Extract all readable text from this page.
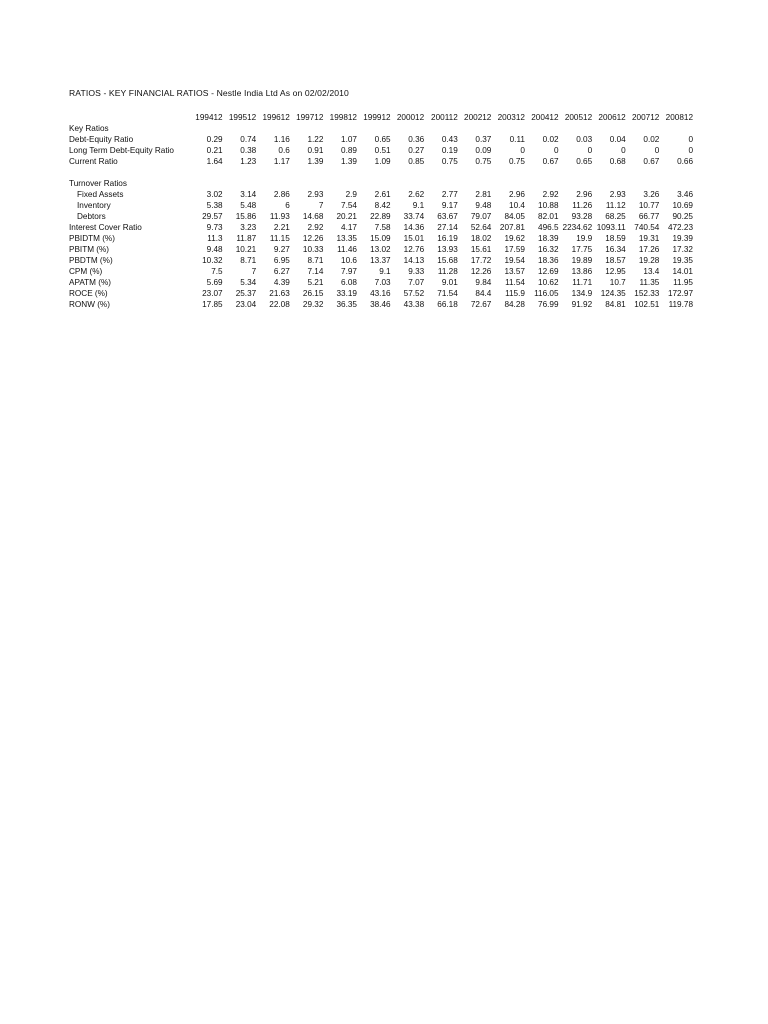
RATIOS - KEY FINANCIAL RATIOS - Nestle India Ltd As on 02/02/2010
	199412	199512	199612	199712	199812	199912	200012	200112	200212	200312	200412	200512	200612	200712	200812
Key Ratios															
Debt-Equity Ratio	0.29	0.74	1.16	1.22	1.07	0.65	0.36	0.43	0.37	0.11	0.02	0.03	0.04	0.02	0
Long Term Debt-Equity Ratio	0.21	0.38	0.6	0.91	0.89	0.51	0.27	0.19	0.09	0	0	0	0	0	0
Current Ratio	1.64	1.23	1.17	1.39	1.39	1.09	0.85	0.75	0.75	0.75	0.67	0.65	0.68	0.67	0.66

Turnover Ratios															
Fixed Assets	3.02	3.14	2.86	2.93	2.9	2.61	2.62	2.77	2.81	2.96	2.92	2.96	2.93	3.26	3.46
Inventory	5.38	5.48	6	7	7.54	8.42	9.1	9.17	9.48	10.4	10.88	11.26	11.12	10.77	10.69
Debtors	29.57	15.86	11.93	14.68	20.21	22.89	33.74	63.67	79.07	84.05	82.01	93.28	68.25	66.77	90.25
Interest Cover Ratio	9.73	3.23	2.21	2.92	4.17	7.58	14.36	27.14	52.64	207.81	496.5	2234.62	1093.11	740.54	472.23
PBIDTM (%)	11.3	11.87	11.15	12.26	13.35	15.09	15.01	16.19	18.02	19.62	18.39	19.9	18.59	19.31	19.39
PBITM (%)	9.48	10.21	9.27	10.33	11.46	13.02	12.76	13.93	15.61	17.59	16.32	17.75	16.34	17.26	17.32
PBDTM (%)	10.32	8.71	6.95	8.71	10.6	13.37	14.13	15.68	17.72	19.54	18.36	19.89	18.57	19.28	19.35
CPM (%)	7.5	7	6.27	7.14	7.97	9.1	9.33	11.28	12.26	13.57	12.69	13.86	12.95	13.4	14.01
APATM (%)	5.69	5.34	4.39	5.21	6.08	7.03	7.07	9.01	9.84	11.54	10.62	11.71	10.7	11.35	11.95
ROCE (%)	23.07	25.37	21.63	26.15	33.19	43.16	57.52	71.54	84.4	115.9	116.05	134.9	124.35	152.33	172.97
RONW (%)	17.85	23.04	22.08	29.32	36.35	38.46	43.38	66.18	72.67	84.28	76.99	91.92	84.81	102.51	119.78
